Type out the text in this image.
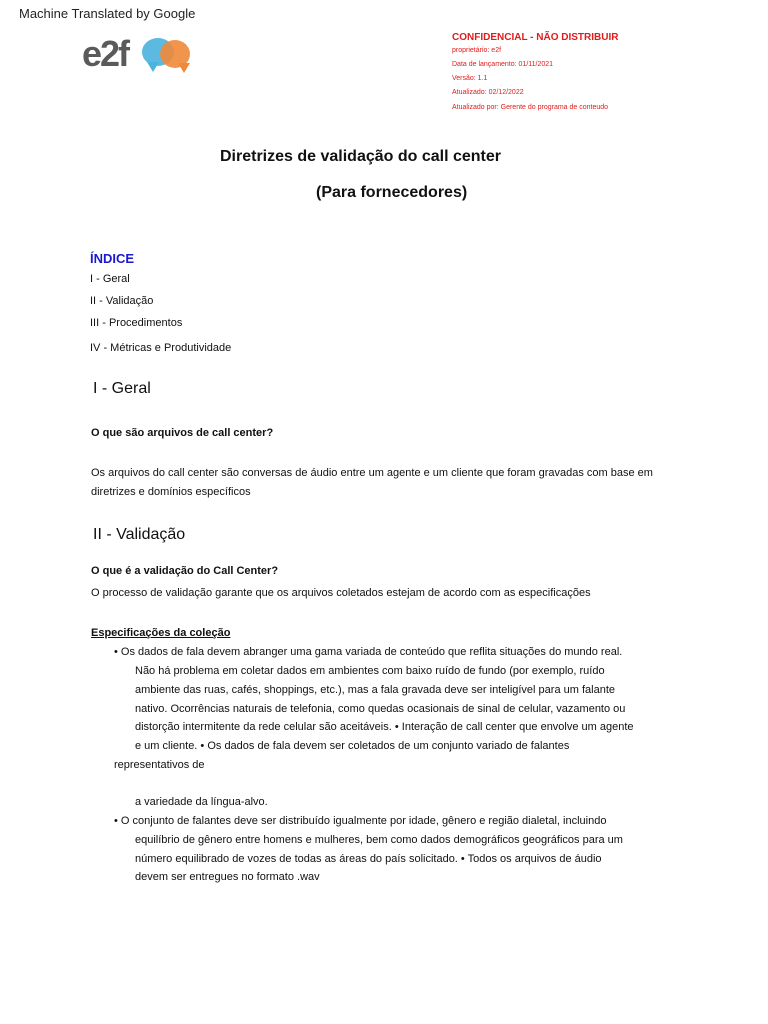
Machine Translated by Google
e2f	CONFIDENCIAL - NÃO DISTRIBUIR
proprietário: e2f
Data de lançamento: 01/11/2021
Versão: 1.1
Atualizado: 02/12/2022
Atualizado por: Gerente do programa de conteudo
Diretrizes de validação do call center
(Para fornecedores)
ÍNDICE
I - Geral
II - Validação
III - Procedimentos
IV - Métricas e Produtividade
I - Geral
O que são arquivos de call center?
Os arquivos do call center são conversas de áudio entre um agente e um cliente que foram gravadas com base em
diretrizes e domínios específicos
II - Validação
O que é a validação do Call Center?
O processo de validação garante que os arquivos coletados estejam de acordo com as especificações
Especificações da coleção
• Os dados de fala devem abranger uma gama variada de conteúdo que reflita situações do mundo real.
Não há problema em coletar dados em ambientes com baixo ruído de fundo (por exemplo, ruído
ambiente das ruas, cafés, shoppings, etc.), mas a fala gravada deve ser inteligível para um falante
nativo. Ocorrências naturais de telefonia, como quedas ocasionais de sinal de celular, vazamento ou
distorção intermitente da rede celular são aceitáveis. • Interação de call center que envolve um agente
e um cliente. • Os dados de fala devem ser coletados de um conjunto variado de falantes
representativos de
a variedade da língua-alvo.
• O conjunto de falantes deve ser distribuído igualmente por idade, gênero e região dialetal, incluindo
equilíbrio de gênero entre homens e mulheres, bem como dados demográficos geográficos para um
número equilibrado de vozes de todas as áreas do país solicitado. • Todos os arquivos de áudio
devem ser entregues no formato .wav
